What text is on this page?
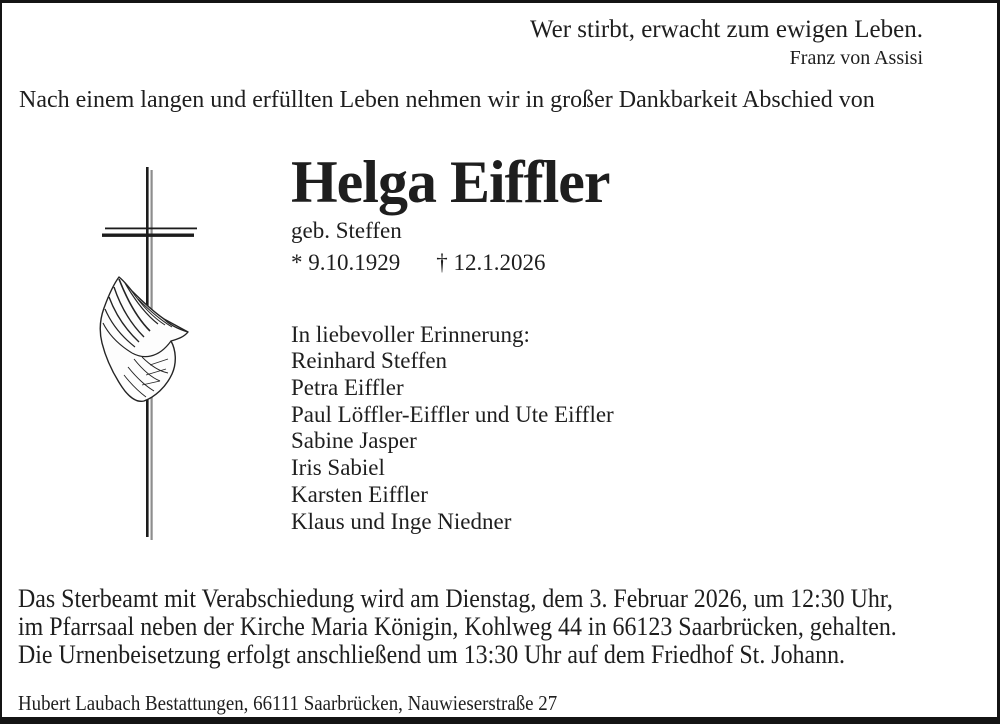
Wer stirbt, erwacht zum ewigen Leben.
Franz von Assisi
Nach einem langen und erfüllten Leben nehmen wir in großer Dankbarkeit Abschied von
Helga Eiffler
geb. Steffen
* 9.10.1929 † 12.1.2026
In liebevoller Erinnerung:
Reinhard Steffen
Petra Eiffler
Paul Löffler-Eiffler und Ute Eiffler
Sabine Jasper
Iris Sabiel
Karsten Eiffler
Klaus und Inge Niedner
Das Sterbeamt mit Verabschiedung wird am Dienstag, dem 3. Februar 2026, um 12:30 Uhr,
im Pfarrsaal neben der Kirche Maria Königin, Kohlweg 44 in 66123 Saarbrücken, gehalten.
Die Urnenbeisetzung erfolgt anschließend um 13:30 Uhr auf dem Friedhof St. Johann.
Hubert Laubach Bestattungen, 66111 Saarbrücken, Nauwieserstraße 27
